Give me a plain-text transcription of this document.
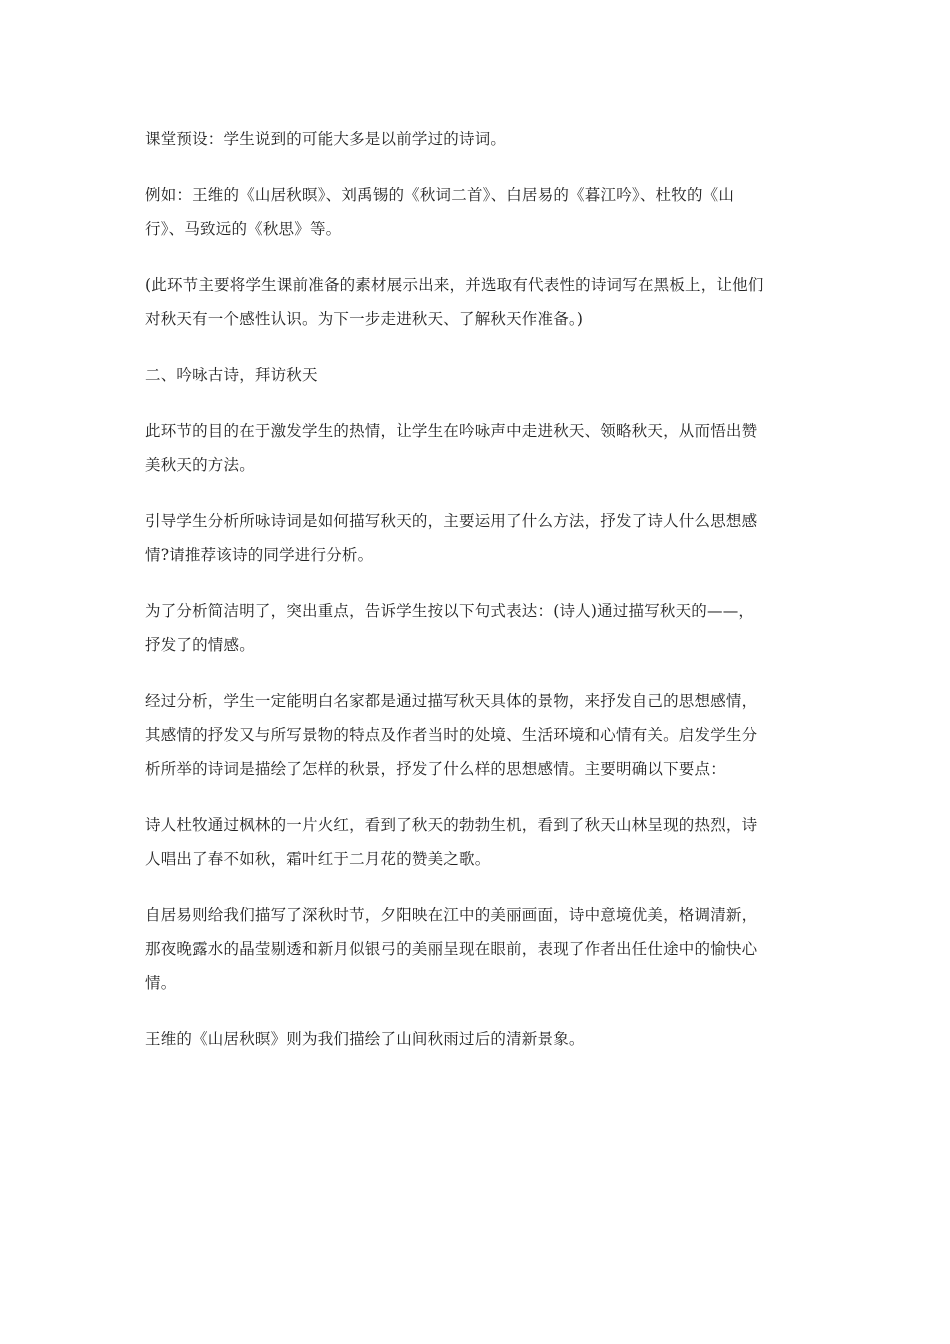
课堂预设：学生说到的可能大多是以前学过的诗词。

例如：王维的《山居秋暝》、刘禹锡的《秋词二首》、白居易的《暮江吟》、杜牧的《山
行》、马致远的《秋思》等。

(此环节主要将学生课前准备的素材展示出来，并选取有代表性的诗词写在黑板上，让他们
对秋天有一个感性认识。为下一步走进秋天、了解秋天作准备。)

二、吟咏古诗，拜访秋天

此环节的目的在于激发学生的热情，让学生在吟咏声中走进秋天、领略秋天，从而悟出赞
美秋天的方法。

引导学生分析所咏诗词是如何描写秋天的，主要运用了什么方法，抒发了诗人什么思想感
情?请推荐该诗的同学进行分析。

为了分析简洁明了，突出重点，告诉学生按以下句式表达：(诗人)通过描写秋天的——，
抒发了的情感。

经过分析，学生一定能明白名家都是通过描写秋天具体的景物，来抒发自己的思想感情，
其感情的抒发又与所写景物的特点及作者当时的处境、生活环境和心情有关。启发学生分
析所举的诗词是描绘了怎样的秋景，抒发了什么样的思想感情。主要明确以下要点：

诗人杜牧通过枫林的一片火红，看到了秋天的勃勃生机，看到了秋天山林呈现的热烈，诗
人唱出了春不如秋，霜叶红于二月花的赞美之歌。

自居易则给我们描写了深秋时节，夕阳映在江中的美丽画面，诗中意境优美，格调清新，
那夜晚露水的晶莹剔透和新月似银弓的美丽呈现在眼前，表现了作者出任仕途中的愉快心
情。

王维的《山居秋暝》则为我们描绘了山间秋雨过后的清新景象。
